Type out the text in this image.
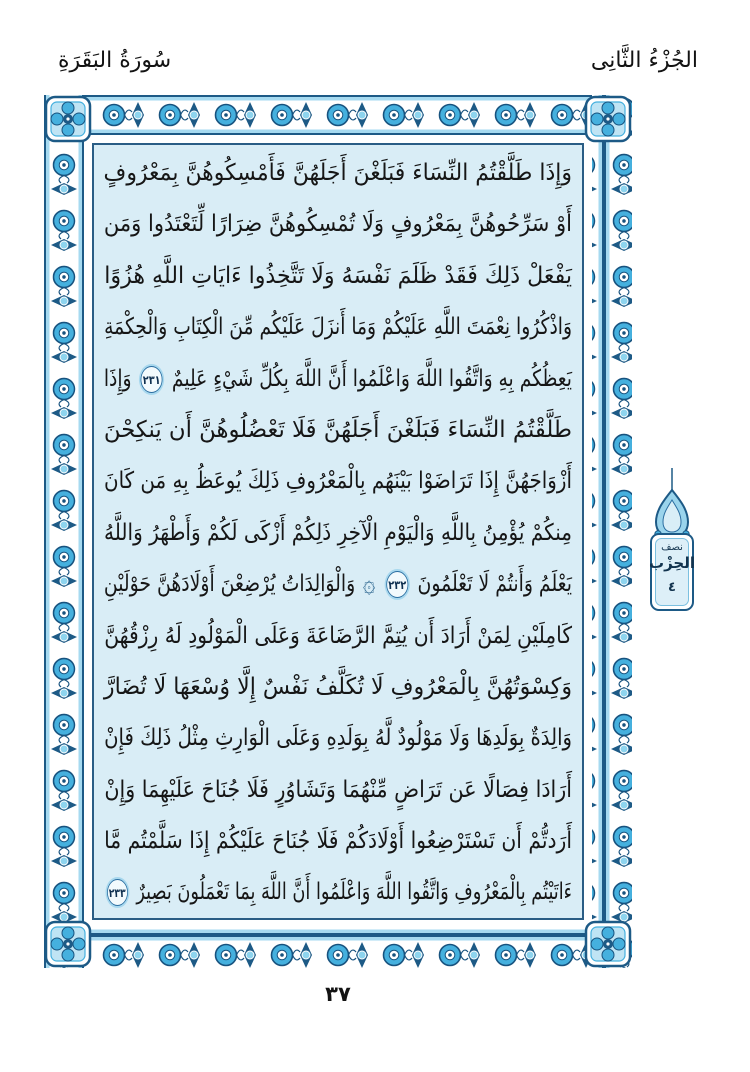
سُورَةُ البَقَرَةِ	الجُزْءُ الثَّانِى
وَإِذَا طَلَّقْتُمُ النِّسَاءَ فَبَلَغْنَ أَجَلَهُنَّ فَأَمْسِكُوهُنَّ بِمَعْرُوفٍ
أَوْ سَرِّحُوهُنَّ بِمَعْرُوفٍ وَلَا تُمْسِكُوهُنَّ ضِرَارًا لِّتَعْتَدُوا وَمَن
يَفْعَلْ ذَلِكَ فَقَدْ ظَلَمَ نَفْسَهُ وَلَا تَتَّخِذُوا ءَايَاتِ اللَّهِ هُزُوًا
وَاذْكُرُوا نِعْمَتَ اللَّهِ عَلَيْكُمْ وَمَا أَنزَلَ عَلَيْكُم مِّنَ الْكِتَابِ وَالْحِكْمَةِ
يَعِظُكُم بِهِ وَاتَّقُوا اللَّهَ وَاعْلَمُوا أَنَّ اللَّهَ بِكُلِّ شَيْءٍ عَلِيمٌ ٢٣١ وَإِذَا
طَلَّقْتُمُ النِّسَاءَ فَبَلَغْنَ أَجَلَهُنَّ فَلَا تَعْضُلُوهُنَّ أَن يَنكِحْنَ
أَزْوَاجَهُنَّ إِذَا تَرَاضَوْا بَيْنَهُم بِالْمَعْرُوفِ ذَلِكَ يُوعَظُ بِهِ مَن كَانَ
مِنكُمْ يُؤْمِنُ بِاللَّهِ وَالْيَوْمِ الْآخِرِ ذَلِكُمْ أَزْكَى لَكُمْ وَأَطْهَرُ وَاللَّهُ
يَعْلَمُ وَأَنتُمْ لَا تَعْلَمُونَ ٢٣٢ ۞ وَالْوَالِدَاتُ يُرْضِعْنَ أَوْلَادَهُنَّ حَوْلَيْنِ
كَامِلَيْنِ لِمَنْ أَرَادَ أَن يُتِمَّ الرَّضَاعَةَ وَعَلَى الْمَوْلُودِ لَهُ رِزْقُهُنَّ
وَكِسْوَتُهُنَّ بِالْمَعْرُوفِ لَا تُكَلَّفُ نَفْسٌ إِلَّا وُسْعَهَا لَا تُضَارَّ
وَالِدَةٌ بِوَلَدِهَا وَلَا مَوْلُودٌ لَّهُ بِوَلَدِهِ وَعَلَى الْوَارِثِ مِثْلُ ذَلِكَ فَإِنْ
أَرَادَا فِصَالًا عَن تَرَاضٍ مِّنْهُمَا وَتَشَاوُرٍ فَلَا جُنَاحَ عَلَيْهِمَا وَإِنْ
أَرَدتُّمْ أَن تَسْتَرْضِعُوا أَوْلَادَكُمْ فَلَا جُنَاحَ عَلَيْكُمْ إِذَا سَلَّمْتُم مَّا
ءَاتَيْتُم بِالْمَعْرُوفِ وَاتَّقُوا اللَّهَ وَاعْلَمُوا أَنَّ اللَّهَ بِمَا تَعْمَلُونَ بَصِيرٌ ٢٣٣
نصف
الحِزْب
٤
٣٧
